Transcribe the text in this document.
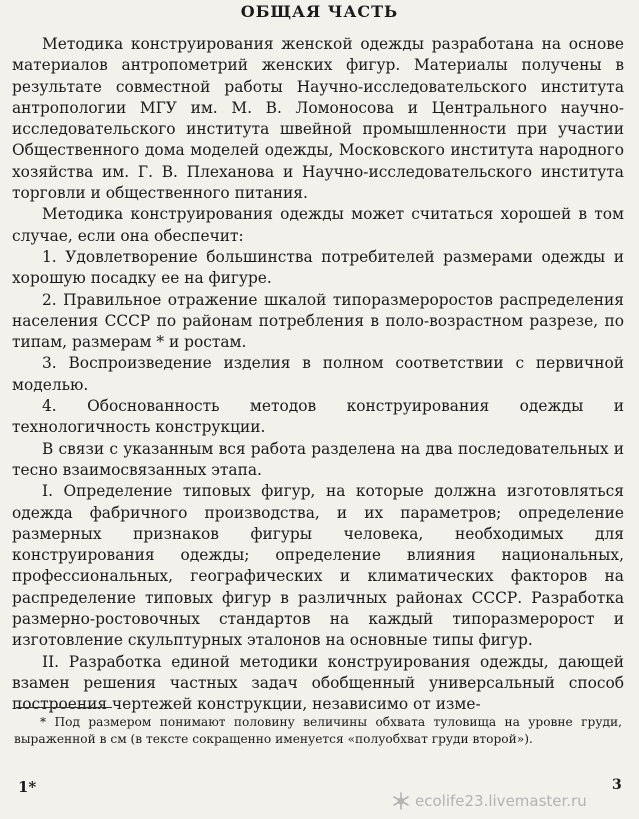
ОБЩАЯ ЧАСТЬ

Методика конструирования женской одежды разработана на основе материалов антропометрий женских фигур. Материалы получены в результате совместной работы Научно-исследовательского института антропологии МГУ им. М. В. Ломоносова и Центрального научно-исследовательского института швейной промышленности при участии Общественного дома моделей одежды, Московского института народного хозяйства им. Г. В. Плеханова и Научно-исследовательского института торговли и общественного питания.

Методика конструирования одежды может считаться хорошей в том случае, если она обеспечит:

1. Удовлетворение большинства потребителей размерами одежды и хорошую посадку ее на фигуре.

2. Правильное отражение шкалой типоразмероростов распределения населения СССР по районам потребления в поло-возрастном разрезе, по типам, размерам * и ростам.

3. Воспроизведение изделия в полном соответствии с первичной моделью.

4. Обоснованность методов конструирования одежды и технологичность конструкции.

В связи с указанным вся работа разделена на два последовательных и тесно взаимосвязанных этапа.

I. Определение типовых фигур, на которые должна изготовляться одежда фабричного производства, и их параметров; определение размерных признаков фигуры человека, необходимых для конструирования одежды; определение влияния национальных, профессиональных, географических и климатических факторов на распределение типовых фигур в различных районах СССР. Разработка размерно-ростовочных стандартов на каждый типоразмеророст и изготовление скульптурных эталонов на основные типы фигур.

II. Разработка единой методики конструирования одежды, дающей взамен решения частных задач обобщенный универсальный способ построения чертежей конструкции, независимо от изме-

* Под размером понимают половину величины обхвата туловища на уровне груди, выраженной в см (в тексте сокращенно именуется «полуобхват груди второй»).
1*	3
ecolife23.livemaster.ru
